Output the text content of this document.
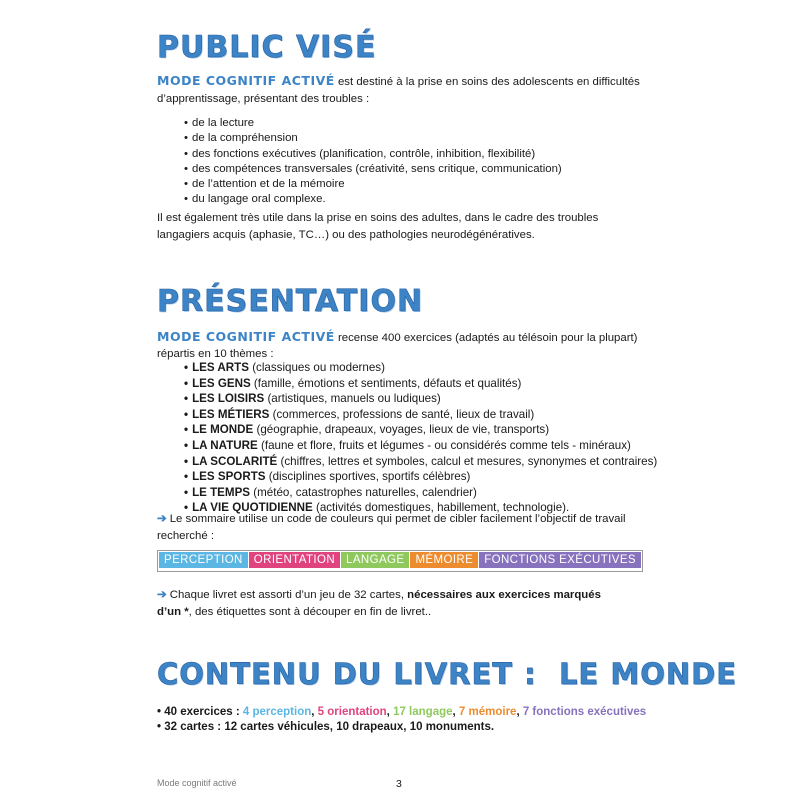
PUBLIC VISÉ

MODE COGNITIF ACTIVÉ est destiné à la prise en soins des adolescents en difficultés
d’apprentissage, présentant des troubles :

• de la lecture
• de la compréhension
• des fonctions exécutives (planification, contrôle, inhibition, flexibilité)
• des compétences transversales (créativité, sens critique, communication)
• de l’attention et de la mémoire
• du langage oral complexe.

Il est également très utile dans la prise en soins des adultes, dans le cadre des troubles
langagiers acquis (aphasie, TC…) ou des pathologies neurodégénératives.

PRÉSENTATION

MODE COGNITIF ACTIVÉ recense 400 exercices (adaptés au télésoin pour la plupart)
répartis en 10 thèmes :

• LES ARTS (classiques ou modernes)
• LES GENS (famille, émotions et sentiments, défauts et qualités)
• LES LOISIRS (artistiques, manuels ou ludiques)
• LES MÉTIERS (commerces, professions de santé, lieux de travail)
• LE MONDE (géographie, drapeaux, voyages, lieux de vie, transports)
• LA NATURE (faune et flore, fruits et légumes - ou considérés comme tels - minéraux)
• LA SCOLARITÉ (chiffres, lettres et symboles, calcul et mesures, synonymes et contraires)
• LES SPORTS (disciplines sportives, sportifs célèbres)
• LE TEMPS (météo, catastrophes naturelles, calendrier)
• LA VIE QUOTIDIENNE (activités domestiques, habillement, technologie).

➔ Le sommaire utilise un code de couleurs qui permet de cibler facilement l’objectif de travail
recherché :

PERCEPTION ORIENTATION LANGAGE MÉMOIRE FONCTIONS EXÉCUTIVES

➔ Chaque livret est assorti d’un jeu de 32 cartes, nécessaires aux exercices marqués
d’un *, des étiquettes sont à découper en fin de livret..

CONTENU DU LIVRET :  LE MONDE

• 40 exercices : 4 perception, 5 orientation, 17 langage, 7 mémoire, 7 fonctions exécutives

• 32 cartes : 12 cartes véhicules, 10 drapeaux, 10 monuments.

Mode cognitif activé	3
